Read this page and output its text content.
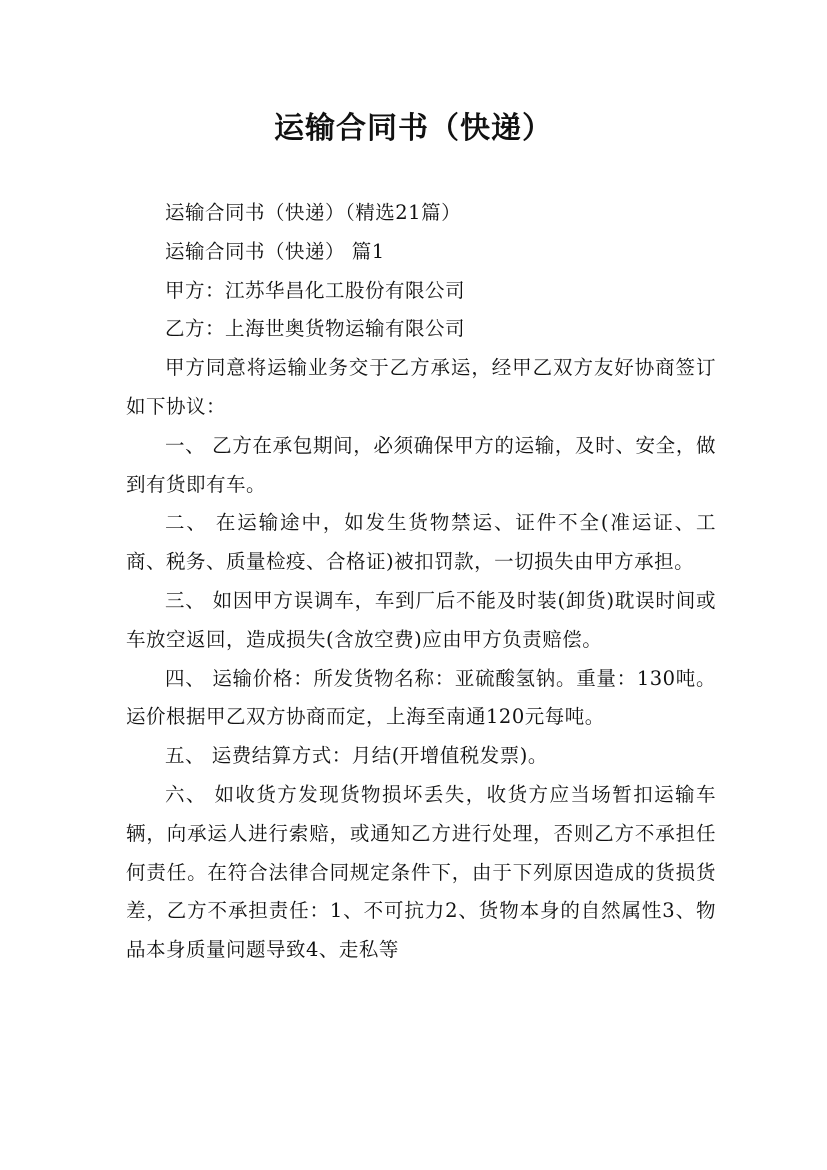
运输合同书（快递）

运输合同书（快递）（精选21篇）

运输合同书（快递） 篇1

甲方：江苏华昌化工股份有限公司

乙方：上海世奥货物运输有限公司

甲方同意将运输业务交于乙方承运，经甲乙双方友好协商签订如下协议：

一、 乙方在承包期间，必须确保甲方的运输，及时、安全，做到有货即有车。

二、 在运输途中，如发生货物禁运、证件不全(准运证、工商、税务、质量检疫、合格证)被扣罚款，一切损失由甲方承担。

三、 如因甲方误调车，车到厂后不能及时装(卸货)耽误时间或车放空返回，造成损失(含放空费)应由甲方负责赔偿。

四、 运输价格：所发货物名称：亚硫酸氢钠。重量：130吨。运价根据甲乙双方协商而定，上海至南通120元每吨。

五、 运费结算方式：月结(开增值税发票)。

六、 如收货方发现货物损坏丢失，收货方应当场暂扣运输车辆，向承运人进行索赔，或通知乙方进行处理，否则乙方不承担任何责任。在符合法律合同规定条件下，由于下列原因造成的货损货差，乙方不承担责任：1、不可抗力2、货物本身的自然属性3、物品本身质量问题导致4、走私等
